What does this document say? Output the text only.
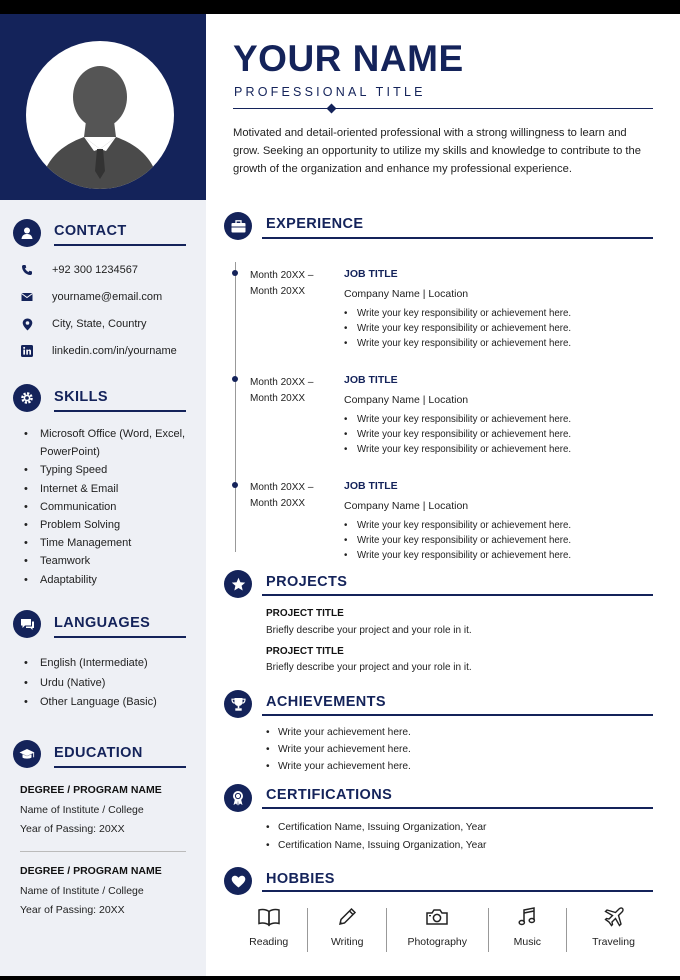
CONTACT
+92 300 1234567
yourname@email.com
City, State, Country
linkedin.com/in/yourname
SKILLS
• Microsoft Office (Word, Excel, PowerPoint)
• Typing Speed
• Internet & Email
• Communication
• Problem Solving
• Time Management
• Teamwork
• Adaptability
LANGUAGES
• English (Intermediate)
• Urdu (Native)
• Other Language (Basic)
EDUCATION
DEGREE / PROGRAM NAME
Name of Institute / College
Year of Passing: 20XX
DEGREE / PROGRAM NAME
Name of Institute / College
Year of Passing: 20XX
YOUR NAME
PROFESSIONAL TITLE
Motivated and detail-oriented professional with a strong willingness to learn and grow. Seeking an opportunity to utilize my skills and knowledge to contribute to the growth of the organization and enhance my professional experience.
EXPERIENCE
Month 20XX –
Month 20XX
JOB TITLE
Company Name | Location
• Write your key responsibility or achievement here.
• Write your key responsibility or achievement here.
• Write your key responsibility or achievement here.
Month 20XX –
Month 20XX
JOB TITLE
Company Name | Location
• Write your key responsibility or achievement here.
• Write your key responsibility or achievement here.
• Write your key responsibility or achievement here.
Month 20XX –
Month 20XX
JOB TITLE
Company Name | Location
• Write your key responsibility or achievement here.
• Write your key responsibility or achievement here.
• Write your key responsibility or achievement here.
PROJECTS
PROJECT TITLE
Briefly describe your project and your role in it.
PROJECT TITLE
Briefly describe your project and your role in it.
ACHIEVEMENTS
• Write your achievement here.
• Write your achievement here.
• Write your achievement here.
CERTIFICATIONS
• Certification Name, Issuing Organization, Year
• Certification Name, Issuing Organization, Year
HOBBIES
Reading	Writing	Photography	Music	Traveling
